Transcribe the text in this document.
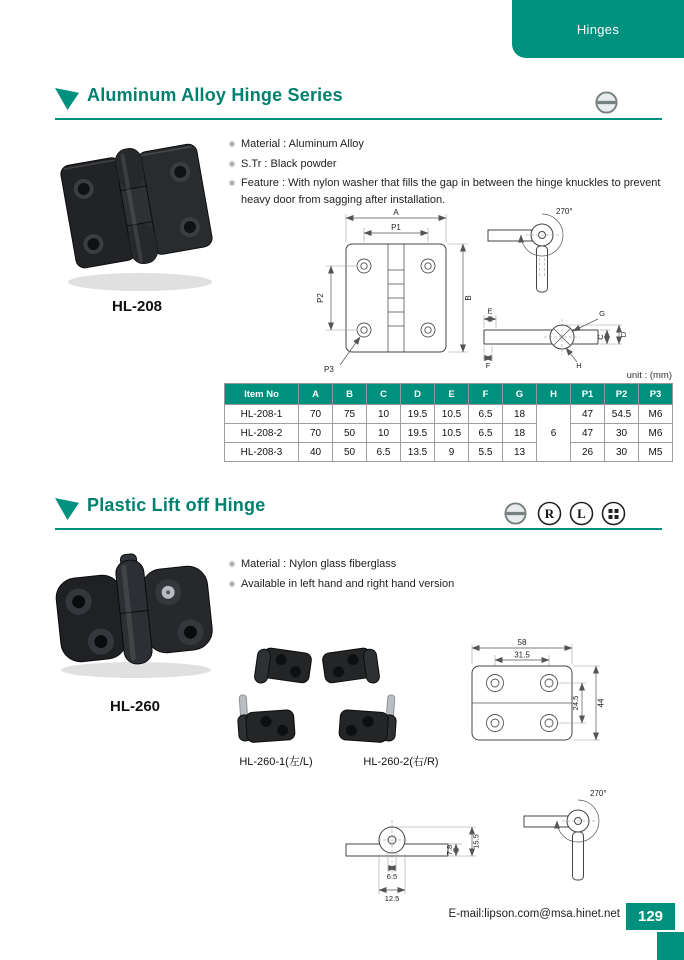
Hinges
Aluminum Alloy Hinge Series
HL-208
Material : Aluminum Alloy
S.Tr : Black powder
Feature : With nylon washer that fills the gap in between the hinge knuckles to prevent heavy door from sagging after installation.
A
P1
B
P2
P3
270°
E
F
G
H
C D
unit : (mm)
Item No	A	B	C	D	E	F	G	H	P1	P2	P3
HL-208-1	70	75	10	19.5	10.5	6.5	18	6	47	54.5	M6
HL-208-2	70	50	10	19.5	10.5	6.5	18		47	30	M6
HL-208-3	40	50	6.5	13.5	9	5.5	13		26	30	M5
Plastic Lift off Hinge	R L
HL-260
Material : Nylon glass fiberglass
Available in left hand and right hand version
HL-260-1(左/L)	HL-260-2(右/R)
58
31.5
44
24.5
7.8
15.5
6.5
12.5
270°
E-mail:lipson.com@msa.hinet.net	129
